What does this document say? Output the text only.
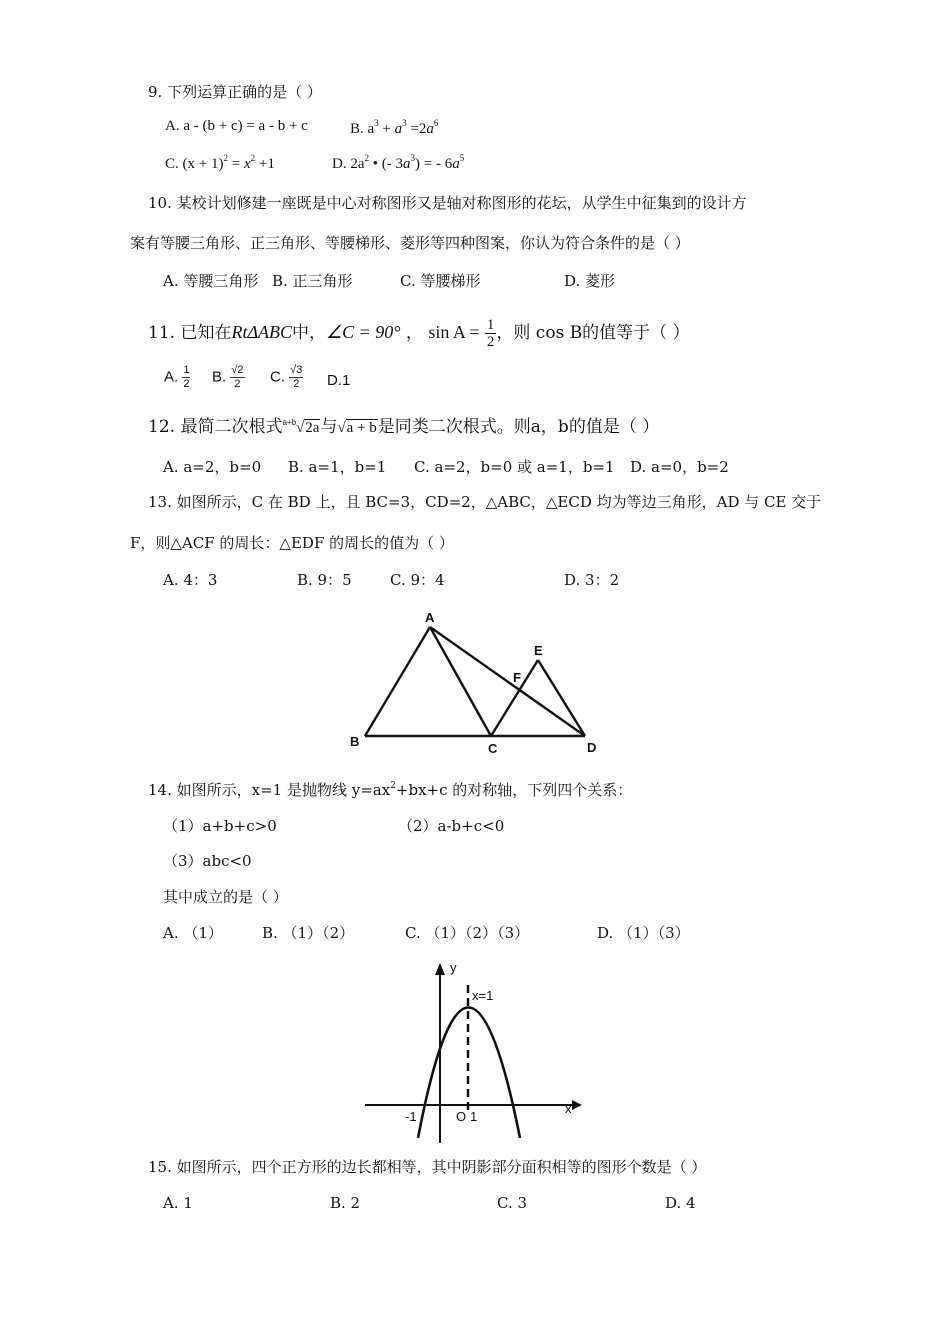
9. 下列运算正确的是（ ）
A. a - (b + c) = a - b + c	B. $a^3 + a^3 =2a^6$
C. $(x + 1)^2 = x^2 +1$	D. $2a^2$ • (- $3a^3$) = - $6a^5$
10. 某校计划修建一座既是中心对称图形又是轴对称图形的花坛，从学生中征集到的设计方
案有等腰三角形、正三角形、等腰梯形、菱形等四种图案，你认为符合条件的是（ ）
A. 等腰三角形 B. 正三角形	C. 等腰梯形	D. 菱形
11. 已知在RtΔABC中，∠C = 90° ， $\sin A = \frac{1}{2}$ ，则 cos B的值等于（ ）
A. $\frac{1}{2} B$. $\frac{√2}{2} C$. $\frac{√3}{2} D.1$
12. 最简二次根式$^{a+b}$√2a与√a + b是同类二次根式。则a，b的值是（ ）
A. a=2，b=0 B. a=1，b=1 C. a=2，b=0 或 a=1，b=1 D. a=0，b=2
13. 如图所示，C 在 BD 上，且 BC=3，CD=2，△ABC，△ECD 均为等边三角形，AD 与 CE 交于
F，则△ACF 的周长：△EDF 的周长的值为（ ）
A. 4：3	B. 9：5	C. 9：4	D. 3：2
A
B	C	D
E
F
14. 如图所示，x=1 是抛物线 $y=ax^2+bx+c$ 的对称轴，下列四个关系：
（1）a+b+c>0	（2）a-b+c<0
（3）abc<0
其中成立的是（ ）
A. （1）	B. （1）（2）	C. （1）（2）（3）	D. （1）（3）
y
x
x=1
-1	O 1
15. 如图所示，四个正方形的边长都相等，其中阴影部分面积相等的图形个数是（ ）
A. 1	B. 2	C. 3	D. 4
